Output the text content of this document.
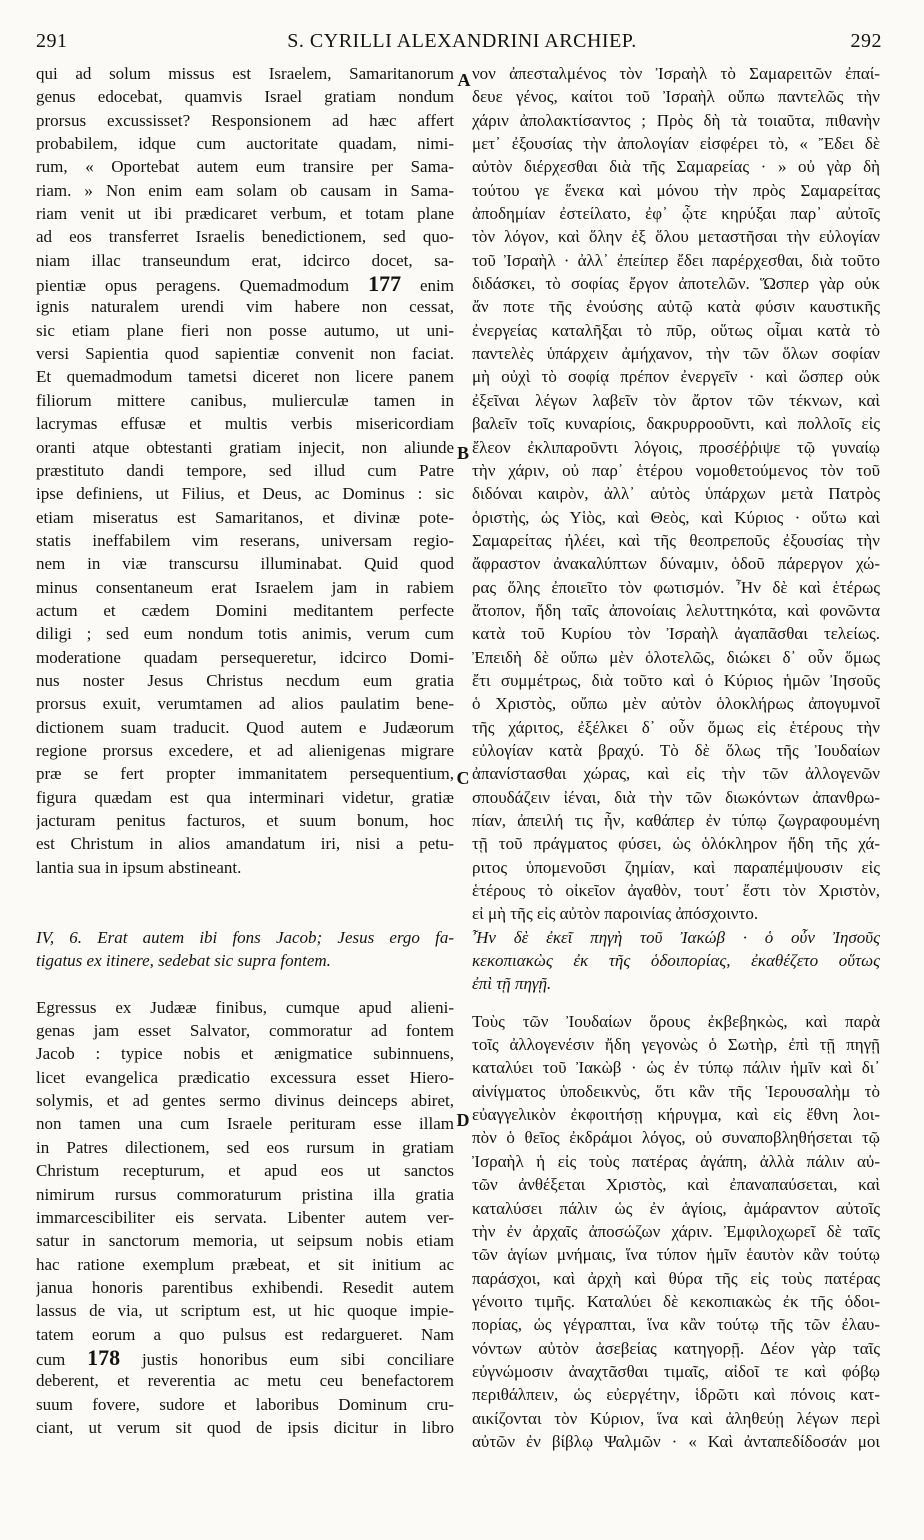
291	S. CYRILLI ALEXANDRINI ARCHIEP.	292
A
B
C
D
qui ad solum missus est Israelem, Samaritanorum
genus edocebat, quamvis Israel gratiam nondum
prorsus excussisset? Responsionem ad hæc affert
probabilem, idque cum auctoritate quadam, nimi-
rum, « Oportebat autem eum transire per Sama-
riam. » Non enim eam solam ob causam in Sama-
riam venit ut ibi prædicaret verbum, et totam plane
ad eos transferret Israelis benedictionem, sed quo-
niam illac transeundum erat, idcirco docet, sa-
pientiæ opus peragens. Quemadmodum 177 enim
ignis naturalem urendi vim habere non cessat,
sic etiam plane fieri non posse autumo, ut uni-
versi Sapientia quod sapientiæ convenit non faciat.
Et quemadmodum tametsi diceret non licere panem
filiorum mittere canibus, mulierculæ tamen in
lacrymas effusæ et multis verbis misericordiam
oranti atque obtestanti gratiam injecit, non aliunde
præstituto dandi tempore, sed illud cum Patre
ipse definiens, ut Filius, et Deus, ac Dominus : sic
etiam miseratus est Samaritanos, et divinæ pote-
statis ineffabilem vim reserans, universam regio-
nem in viæ transcursu illuminabat. Quid quod
minus consentaneum erat Israelem jam in rabiem
actum et cædem Domini meditantem perfecte
diligi ; sed eum nondum totis animis, verum cum
moderatione quadam persequeretur, idcirco Domi-
nus noster Jesus Christus necdum eum gratia
prorsus exuit, verumtamen ad alios paulatim bene-
dictionem suam traducit. Quod autem e Judæorum
regione prorsus excedere, et ad alienigenas migrare
præ se fert propter immanitatem persequentium,
figura quædam est qua interminari videtur, gratiæ
jacturam penitus facturos, et suum bonum, hoc
est Christum in alios amandatum iri, nisi a petu-
lantia sua in ipsum abstineant.
IV, 6. Erat autem ibi fons Jacob; Jesus ergo fa-
tigatus ex itinere, sedebat sic supra fontem.
Egressus ex Judææ finibus, cumque apud alieni-
genas jam esset Salvator, commoratur ad fontem
Jacob : typice nobis et ænigmatice subinnuens,
licet evangelica prædicatio excessura esset Hiero-
solymis, et ad gentes sermo divinus deinceps abiret,
non tamen una cum Israele perituram esse illam
in Patres dilectionem, sed eos rursum in gratiam
Christum recepturum, et apud eos ut sanctos
nimirum rursus commoraturum pristina illa gratia
immarcescibiliter eis servata. Libenter autem ver-
satur in sanctorum memoria, ut seipsum nobis etiam
hac ratione exemplum præbeat, et sit initium ac
janua honoris parentibus exhibendi. Resedit autem
lassus de via, ut scriptum est, ut hic quoque impie-
tatem eorum a quo pulsus est redargueret. Nam
cum 178 justis honoribus eum sibi conciliare
deberent, et reverentia ac metu ceu benefactorem
suum fovere, sudore et laboribus Dominum cru-
ciant, ut verum sit quod de ipsis dicitur in libro
νον ἀπεσταλμένος τὸν Ἰσραὴλ τὸ Σαμαρειτῶν ἐπαί-
δευε γένος, καίτοι τοῦ Ἰσραὴλ οὔπω παντελῶς τὴν
χάριν ἀπολακτίσαντος ; Πρὸς δὴ τὰ τοιαῦτα, πιθανὴν
μετ᾽ ἐξουσίας τὴν ἀπολογίαν εἰσφέρει τὸ, « Ἔδει δὲ
αὐτὸν διέρχεσθαι διὰ τῆς Σαμαρείας · » οὐ γὰρ δὴ
τούτου γε ἕνεκα καὶ μόνου τὴν πρὸς Σαμαρείτας
ἀποδημίαν ἐστείλατο, ἐφ᾽ ᾧτε κηρύξαι παρ᾽ αὐτοῖς
τὸν λόγον, καὶ ὅλην ἐξ ὅλου μεταστῆσαι τὴν εὐλογίαν
τοῦ Ἰσραὴλ · ἀλλ᾽ ἐπείπερ ἔδει παρέρχεσθαι, διὰ τοῦτο
διδάσκει, τὸ σοφίας ἔργον ἀποτελῶν. Ὥσπερ γὰρ οὐκ
ἄν ποτε τῆς ἐνούσης αὐτῷ κατὰ φύσιν καυστικῆς
ἐνεργείας καταλῆξαι τὸ πῦρ, οὕτως οἶμαι κατὰ τὸ
παντελὲς ὑπάρχειν ἀμήχανον, τὴν τῶν ὅλων σοφίαν
μὴ οὐχὶ τὸ σοφίᾳ πρέπον ἐνεργεῖν · καὶ ὥσπερ οὐκ
ἐξεῖναι λέγων λαβεῖν τὸν ἄρτον τῶν τέκνων, καὶ
βαλεῖν τοῖς κυναρίοις, δακρυρροοῦντι, καὶ πολλοῖς εἰς
ἔλεον ἐκλιπαροῦντι λόγοις, προσέῤῥιψε τῷ γυναίῳ
τὴν χάριν, οὐ παρ᾽ ἑτέρου νομοθετούμενος τὸν τοῦ
διδόναι καιρὸν, ἀλλ᾽ αὐτὸς ὑπάρχων μετὰ Πατρὸς
ὁριστὴς, ὡς Υἱὸς, καὶ Θεὸς, καὶ Κύριος · οὕτω καὶ
Σαμαρείτας ἠλέει, καὶ τῆς θεοπρεποῦς ἐξουσίας τὴν
ἄφραστον ἀνακαλύπτων δύναμιν, ὁδοῦ πάρεργον χώ-
ρας ὅλης ἐποιεῖτο τὸν φωτισμόν. Ἦν δὲ καὶ ἑτέρως
ἄτοπον, ἤδη ταῖς ἀπονοίαις λελυττηκότα, καὶ φονῶντα
κατὰ τοῦ Κυρίου τὸν Ἰσραὴλ ἀγαπᾶσθαι τελείως.
Ἐπειδὴ δὲ οὔπω μὲν ὁλοτελῶς, διώκει δ᾽ οὖν ὅμως
ἔτι συμμέτρως, διὰ τοῦτο καὶ ὁ Κύριος ἡμῶν Ἰησοῦς
ὁ Χριστὸς, οὔπω μὲν αὐτὸν ὁλοκλήρως ἀπογυμνοῖ
τῆς χάριτος, ἐξέλκει δ᾽ οὖν ὅμως εἰς ἑτέρους τὴν
εὐλογίαν κατὰ βραχύ. Τὸ δὲ ὅλως τῆς Ἰουδαίων
ἀπανίστασθαι χώρας, καὶ εἰς τὴν τῶν ἀλλογενῶν
σπουδάζειν ἰέναι, διὰ τὴν τῶν διωκόντων ἀπανθρω-
πίαν, ἀπειλή τις ἦν, καθάπερ ἐν τύπῳ ζωγραφουμένη
τῇ τοῦ πράγματος φύσει, ὡς ὁλόκληρον ἤδη τῆς χά-
ριτος ὑπομενοῦσι ζημίαν, καὶ παραπέμψουσιν εἰς
ἑτέρους τὸ οἰκεῖον ἀγαθὸν, τουτ᾽ ἔστι τὸν Χριστὸν,
εἰ μὴ τῆς εἰς αὐτὸν παροινίας ἀπόσχοιντο.
Ἦν δὲ ἐκεῖ πηγὴ τοῦ Ἰακώβ · ὁ οὖν Ἰησοῦς
κεκοπιακὼς ἐκ τῆς ὁδοιπορίας, ἐκαθέζετο οὕτως
ἐπὶ τῇ πηγῇ.
Τοὺς τῶν Ἰουδαίων ὅρους ἐκβεβηκὼς, καὶ παρὰ
τοῖς ἀλλογενέσιν ἤδη γεγονὼς ὁ Σωτὴρ, ἐπὶ τῇ πηγῇ
καταλύει τοῦ Ἰακὼβ · ὡς ἐν τύπῳ πάλιν ἡμῖν καὶ δι᾽
αἰνίγματος ὑποδεικνὺς, ὅτι κἂν τῆς Ἱερουσαλὴμ τὸ
εὐαγγελικὸν ἐκφοιτήσῃ κήρυγμα, καὶ εἰς ἔθνη λοι-
πὸν ὁ θεῖος ἐκδράμοι λόγος, οὐ συναποβληθήσεται τῷ
Ἰσραὴλ ἡ εἰς τοὺς πατέρας ἀγάπη, ἀλλὰ πάλιν αὐ-
τῶν ἀνθέξεται Χριστὸς, καὶ ἐπαναπαύσεται, καὶ
καταλύσει πάλιν ὡς ἐν ἁγίοις, ἀμάραντον αὐτοῖς
τὴν ἐν ἀρχαῖς ἀποσώζων χάριν. Ἐμφιλοχωρεῖ δὲ ταῖς
τῶν ἁγίων μνήμαις, ἵνα τύπον ἡμῖν ἑαυτὸν κἂν τούτῳ
παράσχοι, καὶ ἀρχὴ καὶ θύρα τῆς εἰς τοὺς πατέρας
γένοιτο τιμῆς. Καταλύει δὲ κεκοπιακὼς ἐκ τῆς ὁδοι-
πορίας, ὡς γέγραπται, ἵνα κἂν τούτῳ τῆς τῶν ἐλαυ-
νόντων αὐτὸν ἀσεβείας κατηγορῇ. Δέον γὰρ ταῖς
εὐγνώμοσιν ἀναχτᾶσθαι τιμαῖς, αἰδοῖ τε καὶ φόβῳ
περιθάλπειν, ὡς εὐεργέτην, ἱδρῶτι καὶ πόνοις κατ-
αικίζονται τὸν Κύριον, ἵνα καὶ ἀληθεύῃ λέγων περὶ
αὐτῶν ἐν βίβλῳ Ψαλμῶν · « Καὶ ἀνταπεδίδοσάν μοι
